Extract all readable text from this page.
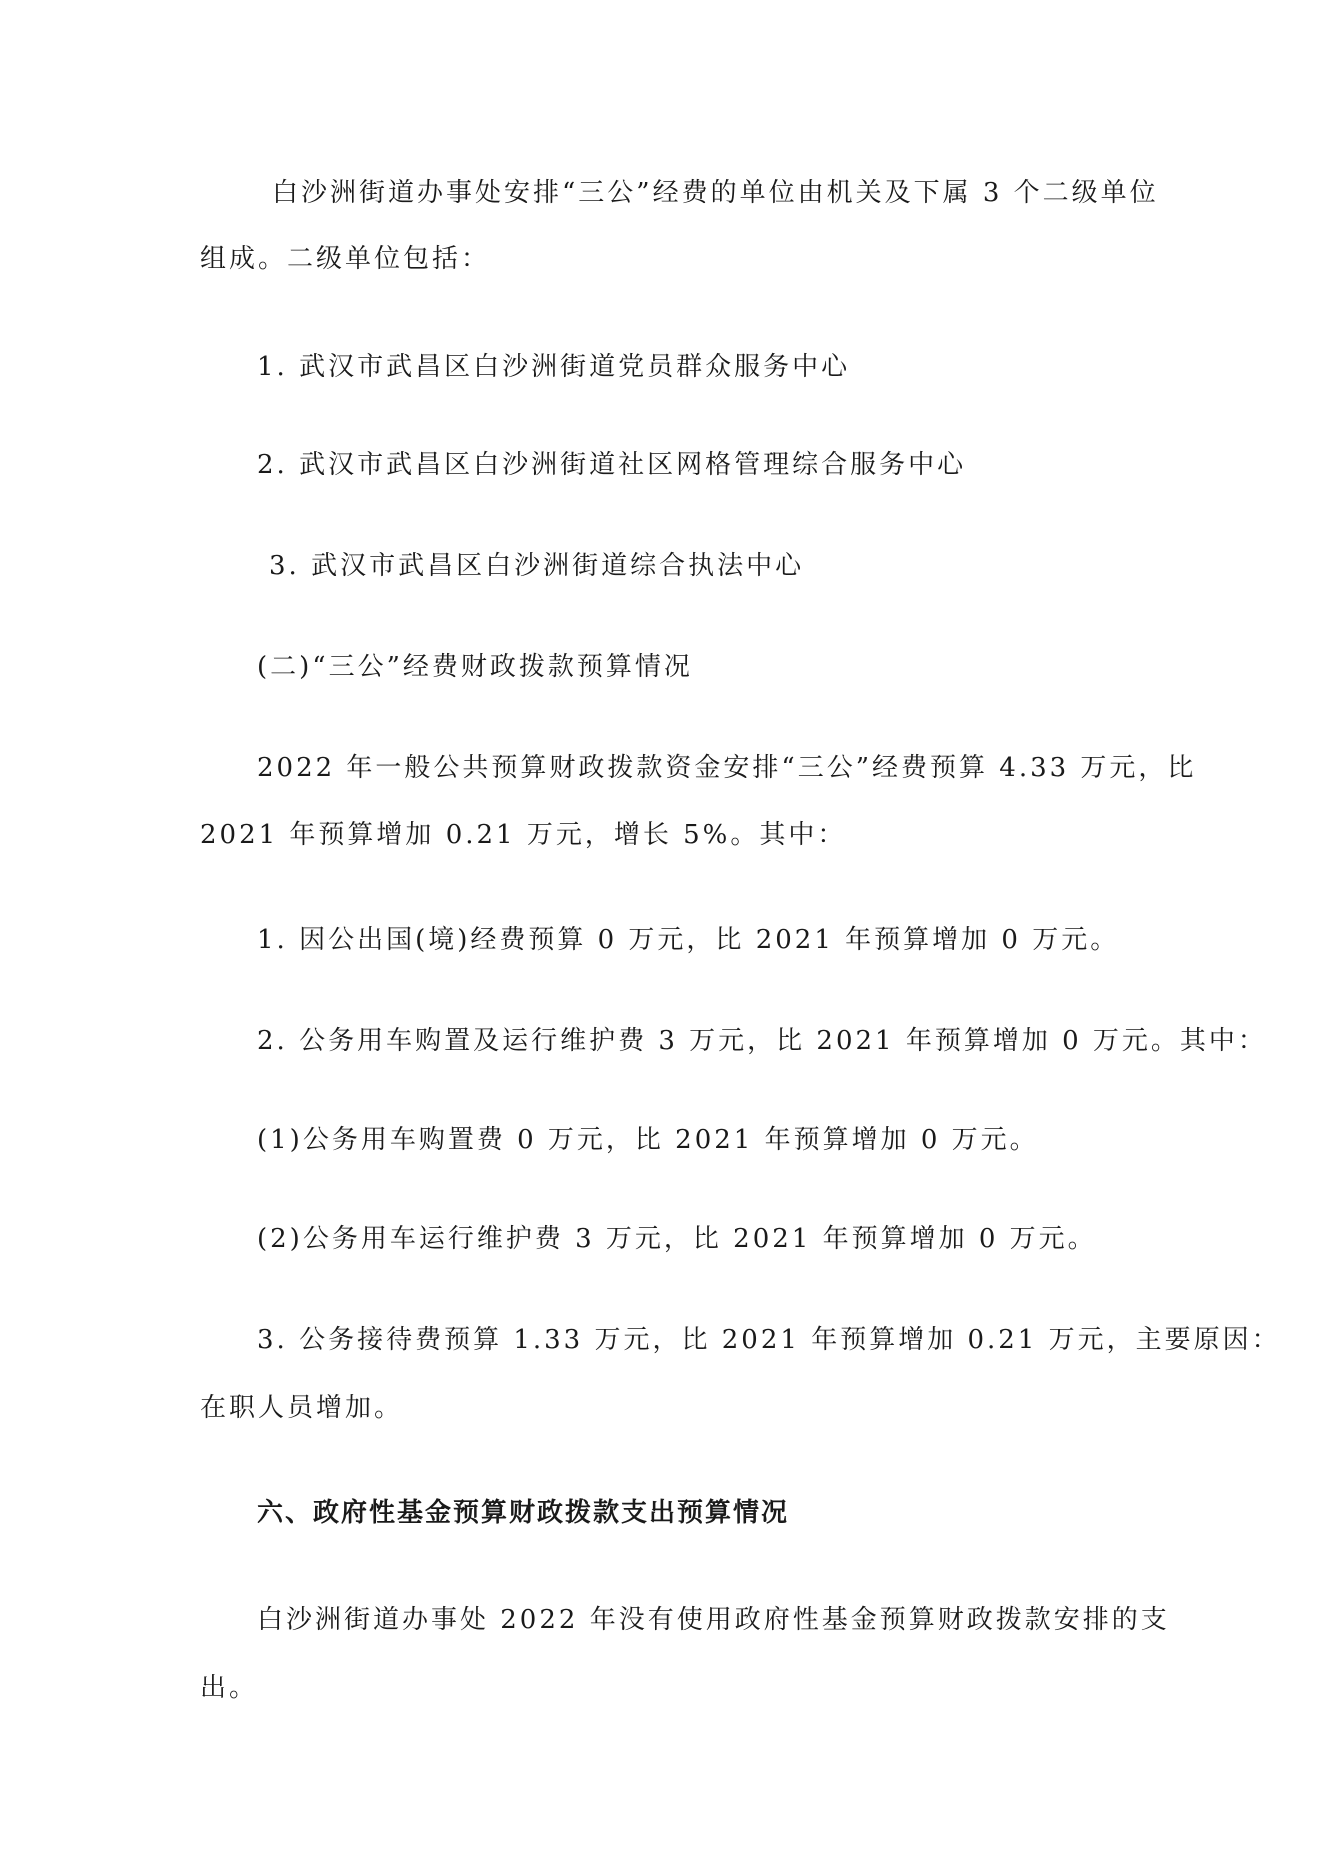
白沙洲街道办事处安排“三公”经费的单位由机关及下属 3 个二级单位
组成。二级单位包括：
1. 武汉市武昌区白沙洲街道党员群众服务中心
2. 武汉市武昌区白沙洲街道社区网格管理综合服务中心
3. 武汉市武昌区白沙洲街道综合执法中心
(二)“三公”经费财政拨款预算情况
2022 年一般公共预算财政拨款资金安排“三公”经费预算 4.33 万元，比
2021 年预算增加 0.21 万元，增长 5%。其中：
1. 因公出国(境)经费预算 0 万元，比 2021 年预算增加 0 万元。
2. 公务用车购置及运行维护费 3 万元，比 2021 年预算增加 0 万元。其中：
(1)公务用车购置费 0 万元，比 2021 年预算增加 0 万元。
(2)公务用车运行维护费 3 万元，比 2021 年预算增加 0 万元。
3. 公务接待费预算 1.33 万元，比 2021 年预算增加 0.21 万元，主要原因：
在职人员增加。
六、政府性基金预算财政拨款支出预算情况
白沙洲街道办事处 2022 年没有使用政府性基金预算财政拨款安排的支
出。
